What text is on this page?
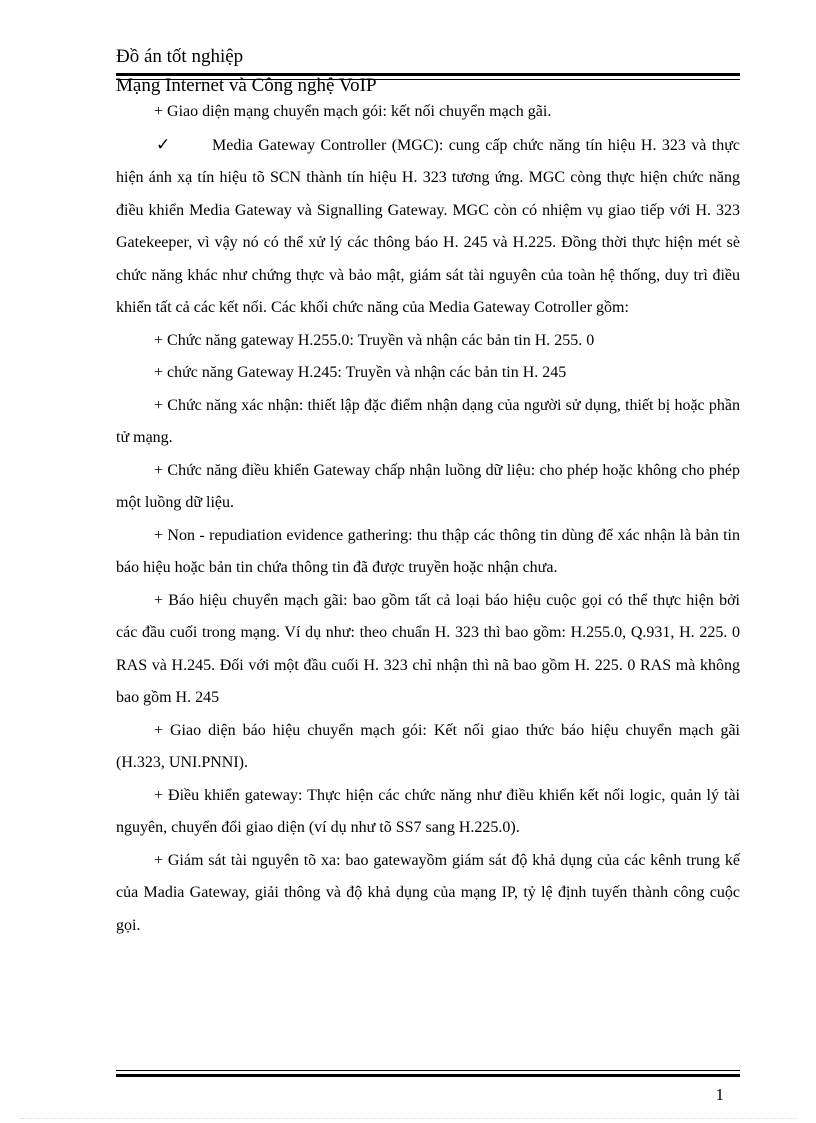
Đồ án tốt nghiệp
Mạng Internet và Công nghệ VoIP

+ Giao diện mạng chuyển mạch gói: kết nối chuyển mạch gãi.

✓	Media Gateway Controller (MGC): cung cấp chức năng tín hiệu H. 323 và thực hiện ánh xạ tín hiệu tõ SCN thành tín hiệu H. 323 tương ứng. MGC còng thực hiện chức năng điều khiển Media Gateway và Signalling Gateway. MGC còn có nhiệm vụ giao tiếp với H. 323 Gatekeeper, vì vậy nó có thể xử lý các thông báo H. 245 và H.225. Đồng thời thực hiện mét sè chức năng khác như chứng thực và bảo mật, giám sát tài nguyên của toàn hệ thống, duy trì điều khiển tất cả các kết nối. Các khối chức năng của Media Gateway Cotroller gồm:

+ Chức năng gateway H.255.0: Truyền và nhận các bản tin H. 255. 0

+ chức năng Gateway H.245: Truyền và nhận các bản tin H. 245

+ Chức năng xác nhận: thiết lập đặc điểm nhận dạng của người sử dụng, thiết bị hoặc phần tử mạng.

+ Chức năng điều khiển Gateway chấp nhận luồng dữ liệu: cho phép hoặc không cho phép một luồng dữ liệu.

+ Non - repudiation evidence gathering: thu thập các thông tin dùng để xác nhận là bản tin báo hiệu hoặc bản tin chứa thông tin đã được truyền hoặc nhận chưa.

+ Báo hiệu chuyển mạch gãi: bao gồm tất cả loại báo hiệu cuộc gọi có thể thực hiện bởi các đầu cuối trong mạng. Ví dụ như: theo chuẩn H. 323 thì bao gồm: H.255.0, Q.931, H. 225. 0 RAS và H.245. Đối với một đầu cuối H. 323 chỉ nhận thì nã bao gồm H. 225. 0 RAS mà không bao gồm H. 245

+ Giao diện báo hiệu chuyển mạch gói: Kết nối giao thức báo hiệu chuyển mạch gãi (H.323, UNI.PNNI).

+ Điều khiển gateway: Thực hiện các chức năng như điều khiển kết nối logic, quản lý tài nguyên, chuyển đổi giao diện (ví dụ như tõ SS7 sang H.225.0).

+ Giám sát tài nguyên tõ xa: bao gatewayồm giám sát độ khả dụng của các kênh trung kế của Madia Gateway, giải thông và độ khả dụng của mạng IP, tỷ lệ định tuyến thành công cuộc gọi.

1
